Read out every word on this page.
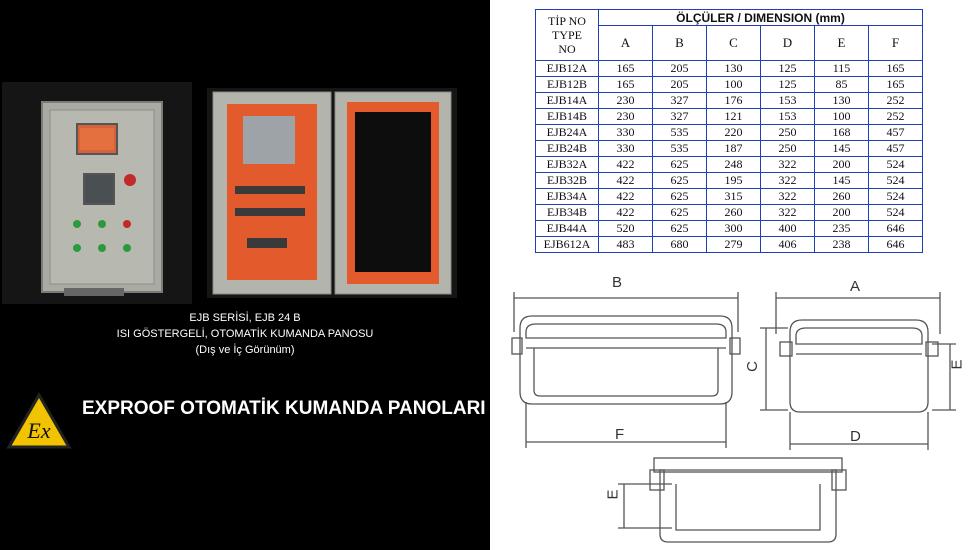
EJB SERİSİ, EJB 24 B
ISI GÖSTERGELİ, OTOMATİK KUMANDA PANOSU
(Dış ve İç Görünüm)
Ex
EXPROOF OTOMATİK KUMANDA PANOLARI
TİP NO
TYPE
NO	ÖLÇÜLER / DIMENSION (mm)					
	A	B	C	D	E	F
EJB12A	165	205	130	125	115	165
EJB12B	165	205	100	125	85	165
EJB14A	230	327	176	153	130	252
EJB14B	230	327	121	153	100	252
EJB24A	330	535	220	250	168	457
EJB24B	330	535	187	250	145	457
EJB32A	422	625	248	322	200	524
EJB32B	422	625	195	322	145	524
EJB34A	422	625	315	322	260	524
EJB34B	422	625	260	322	200	524
EJB44A	520	625	300	400	235	646
EJB612A	483	680	279	406	238	646
B	A
C	E
F	D
E
